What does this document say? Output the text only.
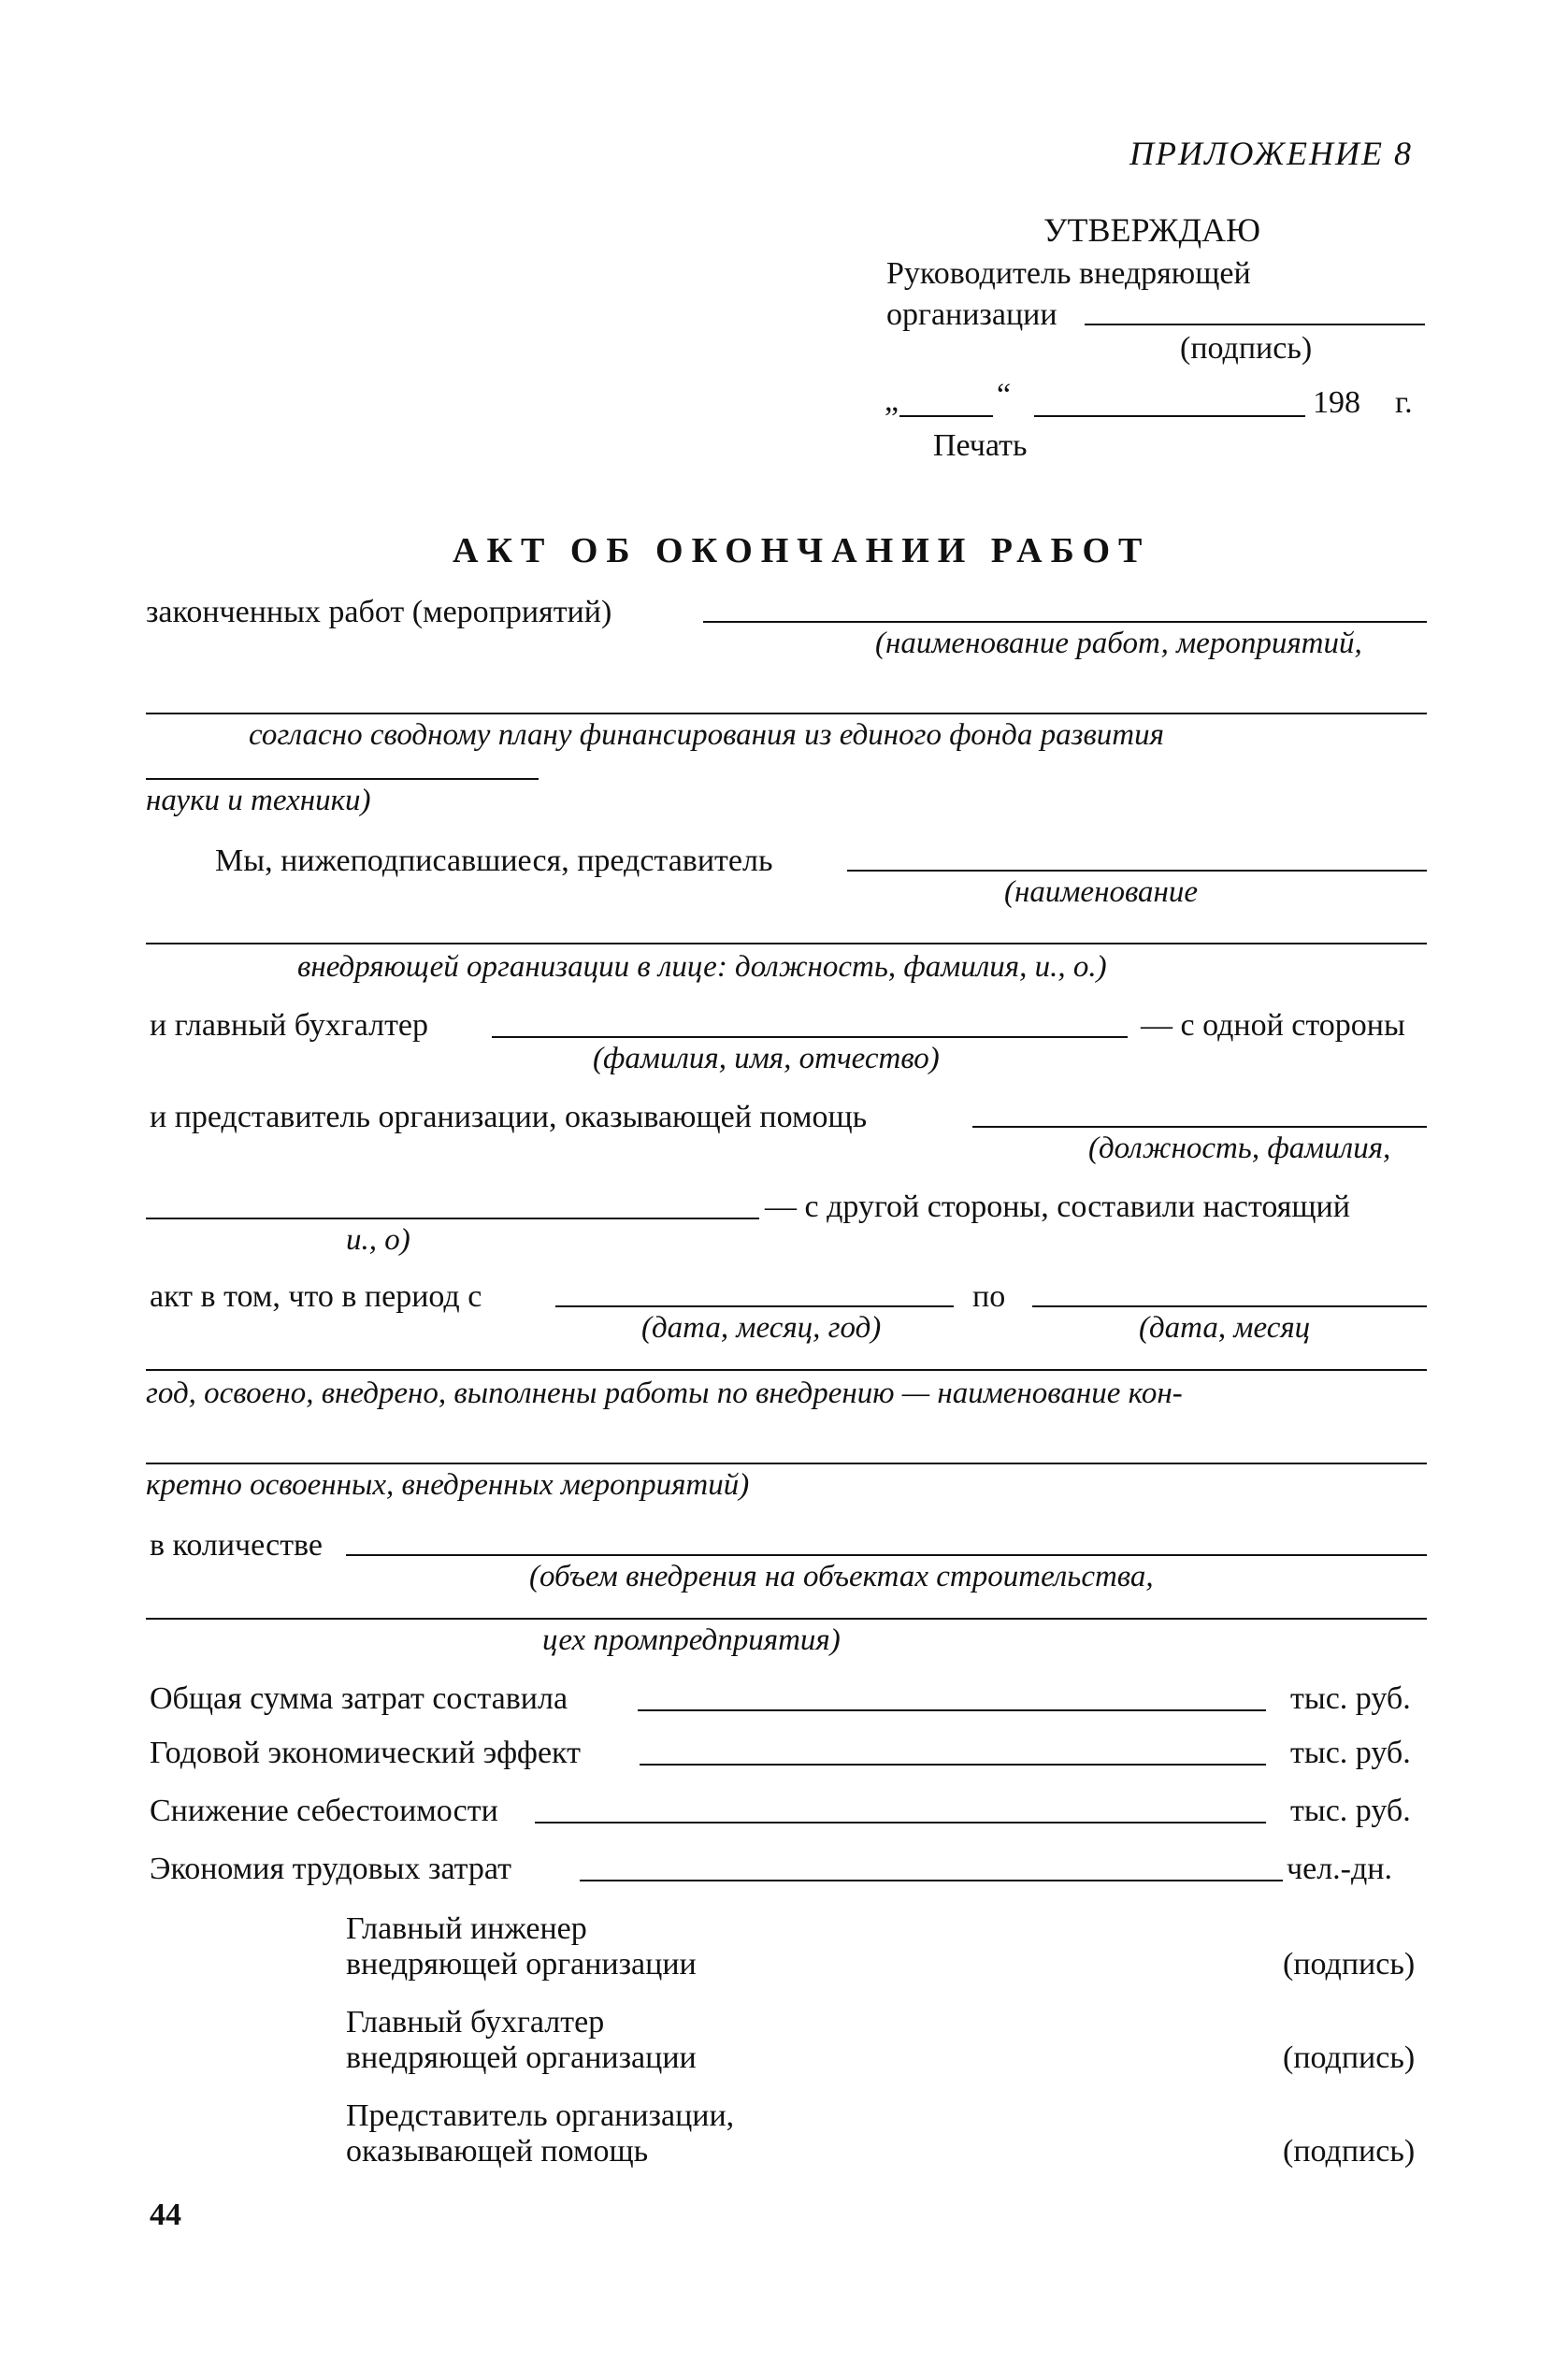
ПРИЛОЖЕНИЕ 8
УТВЕРЖДАЮ
Руководитель внедряющей
организации
(подпись)
„	“	198 г.
Печать
АКТ ОБ ОКОНЧАНИИ РАБОТ
законченных работ (мероприятий)
(наименование работ, мероприятий,
согласно сводному плану финансирования из единого фонда развития
науки и техники)
Мы, нижеподписавшиеся, представитель
(наименование
внедряющей организации в лице: должность, фамилия, и., о.)
и главный бухгалтер	— с одной стороны
(фамилия, имя, отчество)
и представитель организации, оказывающей помощь
(должность, фамилия,
— с другой стороны, составили настоящий
и., о)
акт в том, что в период с	по
(дата, месяц, год)	(дата, месяц
год, освоено, внедрено, выполнены работы по внедрению — наименование кон-
кретно освоенных, внедренных мероприятий)
в количестве
(объем внедрения на объектах строительства,
цех промпредприятия)
Общая сумма затрат составила	тыс. руб.
Годовой экономический эффект	тыс. руб.
Снижение себестоимости	тыс. руб.
Экономия трудовых затрат	чел.-дн.
Главный инженер
внедряющей организации	(подпись)
Главный бухгалтер
внедряющей организации	(подпись)
Представитель организации,
оказывающей помощь	(подпись)
44
